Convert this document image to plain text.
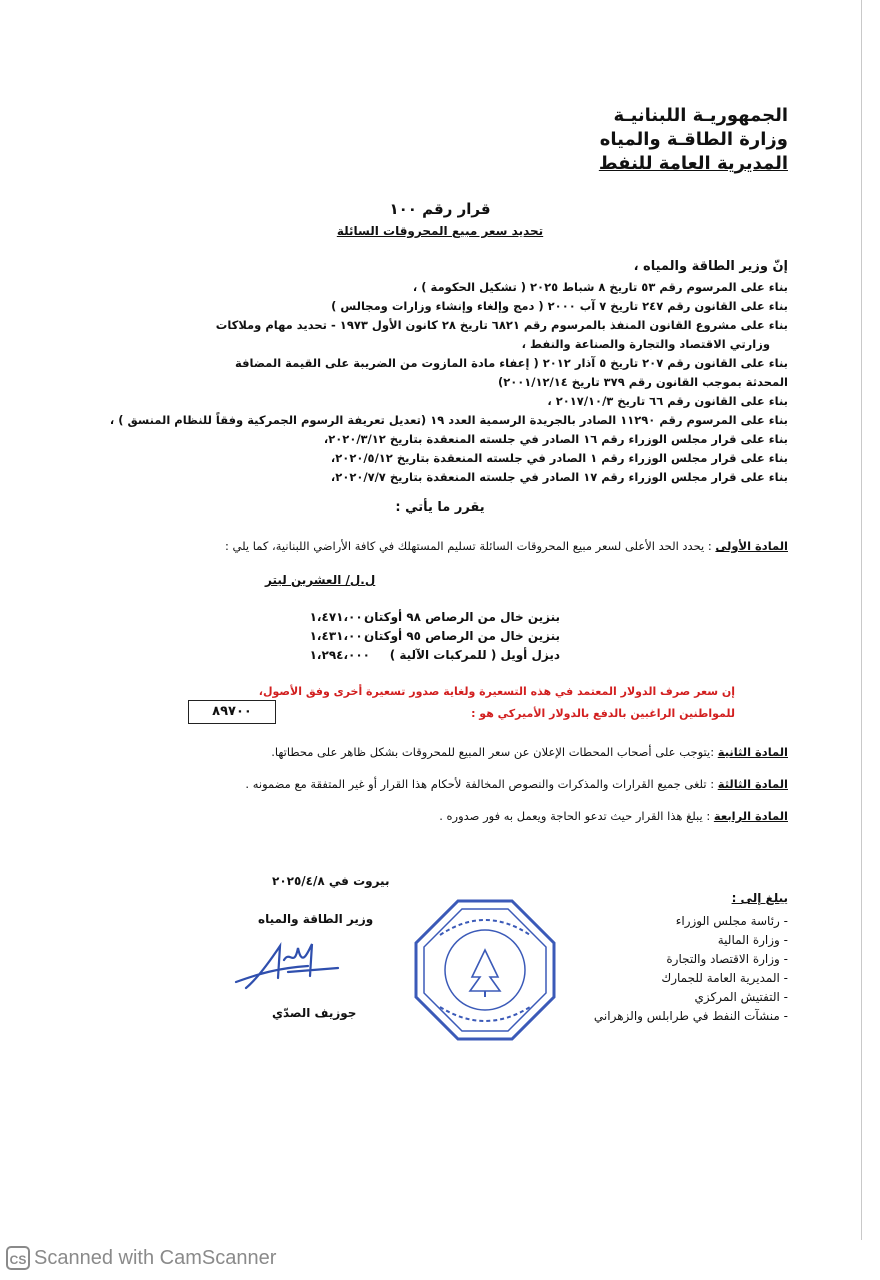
الجمهوريـة اللبنانيـة
وزارة الطاقـة والمياه
المديرية العامة للنفط
قرار رقم ١٠٠
تحديد سعر مبيع المحروقات السائلة
إنّ وزير الطاقة والمياه ،
بناء على المرسوم رقم ٥٣ تاريخ ٨ شباط ٢٠٢٥ ( تشكيل الحكومة ) ،
بناء على القانون رقم ٢٤٧ تاريخ ٧ آب ٢٠٠٠ ( دمج وإلغاء وإنشاء وزارات ومجالس )
بناء على مشروع القانون المنفذ بالمرسوم رقم ٦٨٢١ تاريخ ٢٨ كانون الأول ١٩٧٣ - تحديد مهام وملاكات
وزارتي الاقتصاد والتجارة والصناعة والنفط ،
بناء على القانون رقم ٢٠٧ تاريخ ٥ آذار ٢٠١٢ ( إعفاء مادة المازوت من الضريبة على القيمة المضافة
المحدثة بموجب القانون رقم ٣٧٩ تاريخ ٢٠٠١/١٢/١٤)
بناء على القانون رقم ٦٦ تاريخ ٢٠١٧/١٠/٣ ،
بناء على المرسوم رقم ١١٢٩٠ الصادر بالجريدة الرسمية العدد ١٩ (تعديل تعريفة الرسوم الجمركية وفقاً للنظام المنسق ) ،
بناء على قرار مجلس الوزراء رقم ١٦ الصادر في جلسته المنعقدة بتاريخ ٢٠٢٠/٣/١٢،
بناء على قرار مجلس الوزراء رقم ١ الصادر في جلسته المنعقدة بتاريخ ٢٠٢٠/٥/١٢،
بناء على قرار مجلس الوزراء رقم ١٧ الصادر في جلسته المنعقدة بتاريخ ٢٠٢٠/٧/٧،
يقرر ما يأتي :
المادة الأولى : يحدد الحد الأعلى لسعر مبيع المحروقات السائلة تسليم المستهلك في كافة الأراضي اللبنانية، كما يلي :
ل.ل/ العشرين ليتر
بنزين خال من الرصاص ٩٨ أوكتان
١،٤٧١،٠٠٠
بنزين خال من الرصاص ٩٥ أوكتان
١،٤٣١،٠٠٠
ديزل أويل ( للمركبات الآلية )
١،٢٩٤،٠٠٠
إن سعر صرف الدولار المعتمد في هذه التسعيرة ولغاية صدور تسعيرة أخرى وفق الأصول،
للمواطنين الراغبين بالدفع بالدولار الأميركي هو :
٨٩٧٠٠
المادة الثانية :يتوجب على أصحاب المحطات الإعلان عن سعر المبيع للمحروقات بشكل ظاهر على محطاتها.
المادة الثالثة : تلغى جميع القرارات والمذكرات والنصوص المخالفة لأحكام هذا القرار أو غير المتفقة مع مضمونه .
المادة الرابعة : يبلغ هذا القرار حيث تدعو الحاجة ويعمل به فور صدوره .
بيروت في ٢٠٢٥/٤/٨
وزير الطاقة والمياه
جوزيف الصدّي
يبلغ إلى :
- رئاسة مجلس الوزراء
- وزارة المالية
- وزارة الاقتصاد والتجارة
- المديرية العامة للجمارك
- التفتيش المركزي
- منشآت النفط في طرابلس والزهراني
CS Scanned with CamScanner
